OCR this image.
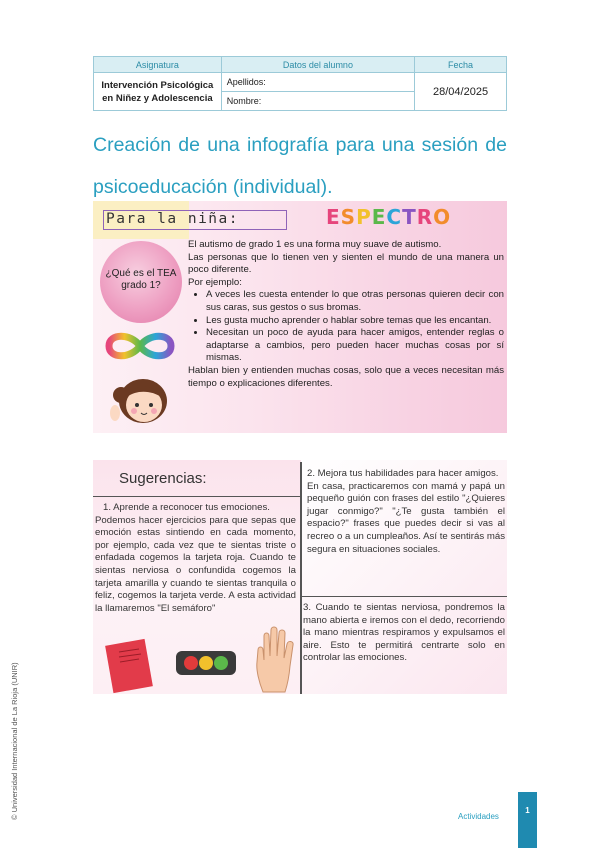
Asignatura	Datos del alumno	Fecha
Intervención Psicológica en Niñez y Adolescencia	Apellidos:	28/04/2025
	Nombre:	
Creación de una infografía para una sesión de psicoeducación (individual).
Para la niña:	ESPECTRO
¿Qué es el TEA grado 1?

El autismo de grado 1 es una forma muy suave de autismo.

Las personas que lo tienen ven y sienten el mundo de una manera un poco diferente.

Por ejemplo:

• A veces les cuesta entender lo que otras personas quieren decir con sus caras, sus gestos o sus bromas.
• Les gusta mucho aprender o hablar sobre temas que les encantan.
• Necesitan un poco de ayuda para hacer amigos, entender reglas o adaptarse a cambios, pero pueden hacer muchas cosas por sí mismas.

Hablan bien y entienden muchas cosas, solo que a veces necesitan más tiempo o explicaciones diferentes.

Sugerencias:
1. Aprende a reconocer tus emociones.
Podemos hacer ejercicios para que sepas que emoción estas sintiendo en cada momento, por ejemplo, cada vez que te sientas triste o enfadada cogemos la tarjeta roja. Cuando te sientas nerviosa o confundida cogemos la tarjeta amarilla y cuando te sientas tranquila o feliz, cogemos la tarjeta verde. A esta actividad la llamaremos "El semáforo"
2. Mejora tus habilidades para hacer amigos.
En casa, practicaremos con mamá y papá un pequeño guión con frases del estilo "¿Quieres jugar conmigo?" "¿Te gusta también el espacio?" frases que puedes decir si vas al recreo o a un cumpleaños. Así te sentirás más segura en situaciones sociales.
3. Cuando te sientas nerviosa, pondremos la mano abierta e iremos con el dedo, recorriendo la mano mientras respiramos y expulsamos el aire. Esto te permitirá centrarte solo en controlar las emociones.
© Universidad Internacional de La Rioja (UNIR)	Actividades
1
